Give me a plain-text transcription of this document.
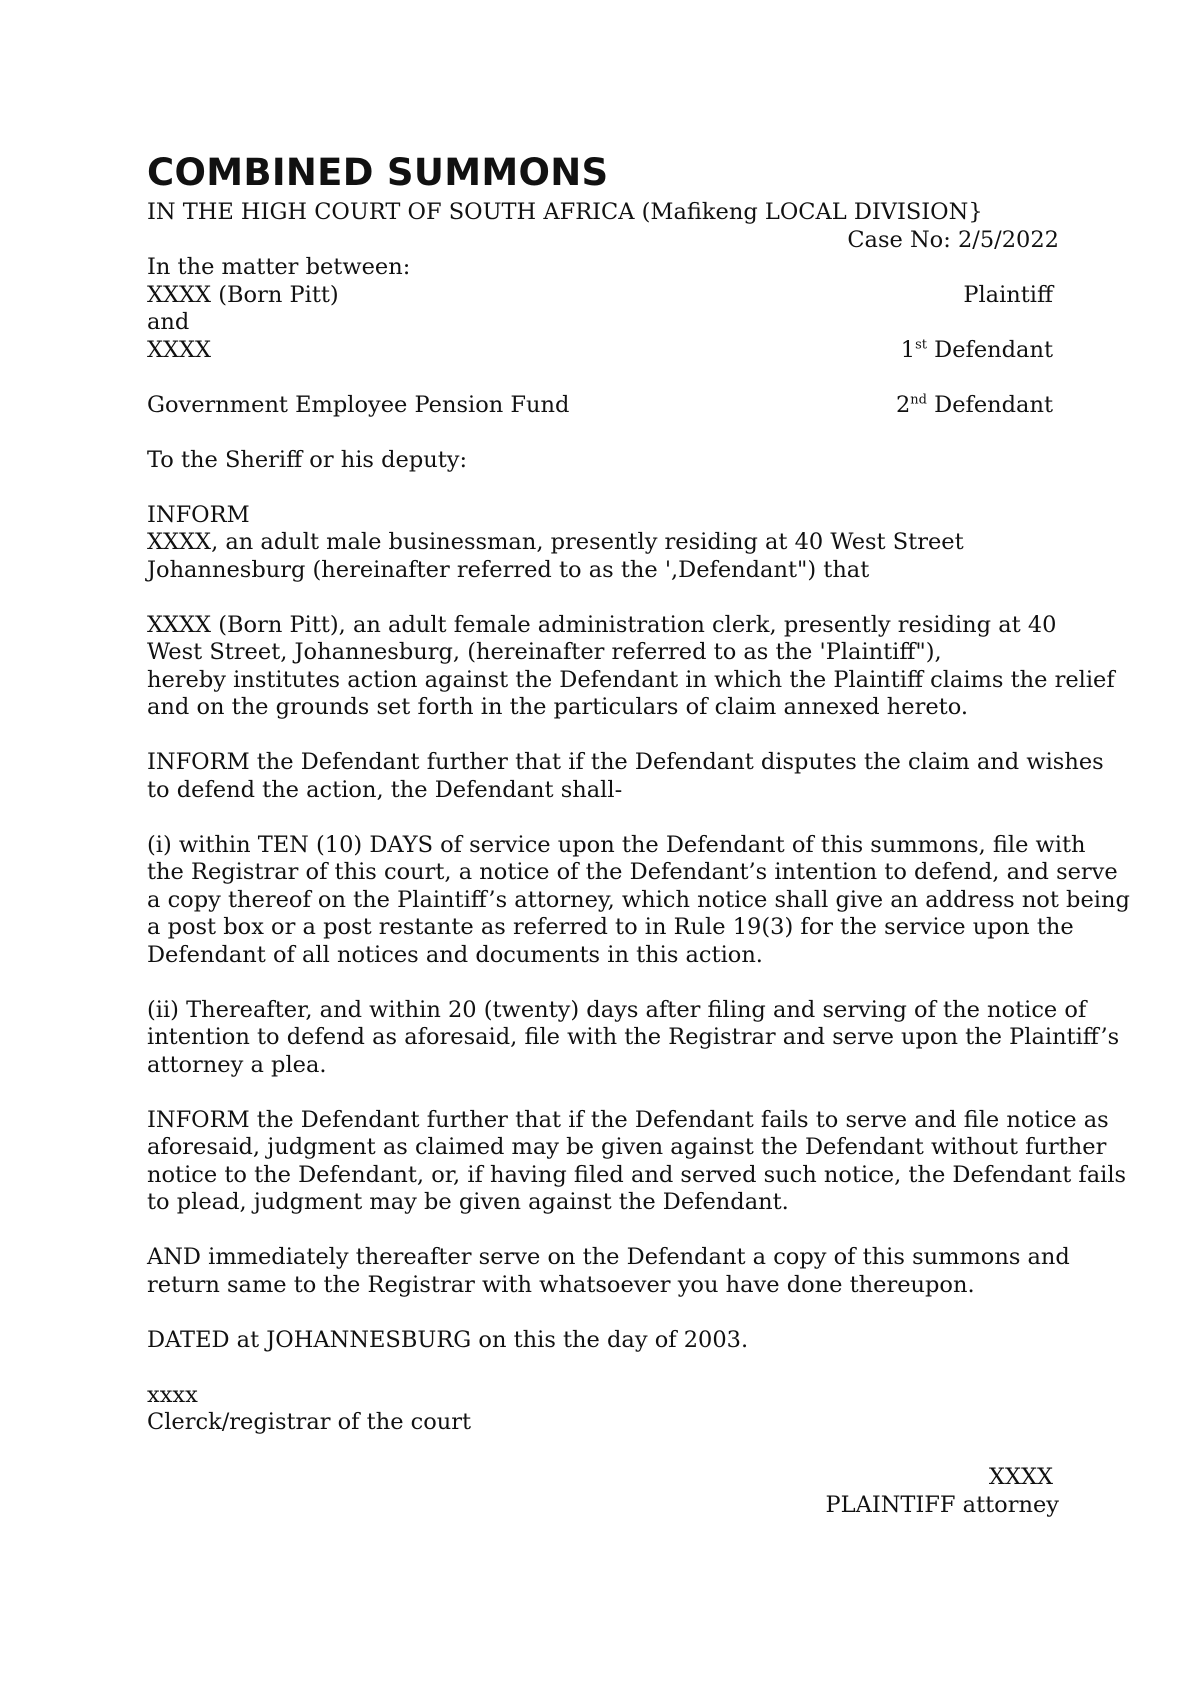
COMBINED SUMMONS
IN THE HIGH COURT OF SOUTH AFRICA (Mafikeng LOCAL DIVISION}
Case No: 2/5/2022
In the matter between:
XXXX (Born Pitt)	Plaintiff
and
XXXX	1st Defendant
Government Employee Pension Fund	2nd Defendant
To the Sheriff or his deputy:
INFORM
XXXX, an adult male businessman, presently residing at 40 West Street
Johannesburg (hereinafter referred to as the ',Defendant") that
XXXX (Born Pitt), an adult female administration clerk, presently residing at 40
West Street, Johannesburg, (hereinafter referred to as the 'Plaintiff"),
hereby institutes action against the Defendant in which the Plaintiff claims the relief
and on the grounds set forth in the particulars of claim annexed hereto.
INFORM the Defendant further that if the Defendant disputes the claim and wishes
to defend the action, the Defendant shall-
(i) within TEN (10) DAYS of service upon the Defendant of this summons, file with
the Registrar of this court, a notice of the Defendant’s intention to defend, and serve
a copy thereof on the Plaintiff’s attorney, which notice shall give an address not being
a post box or a post restante as referred to in Rule 19(3) for the service upon the
Defendant of all notices and documents in this action.
(ii) Thereafter, and within 20 (twenty) days after filing and serving of the notice of
intention to defend as aforesaid, file with the Registrar and serve upon the Plaintiff’s
attorney a plea.
INFORM the Defendant further that if the Defendant fails to serve and file notice as
aforesaid, judgment as claimed may be given against the Defendant without further
notice to the Defendant, or, if having filed and served such notice, the Defendant fails
to plead, judgment may be given against the Defendant.
AND immediately thereafter serve on the Defendant a copy of this summons and
return same to the Registrar with whatsoever you have done thereupon.
DATED at JOHANNESBURG on this the day of 2003.
xxxx
Clerck/registrar of the court
XXXX
PLAINTIFF attorney
